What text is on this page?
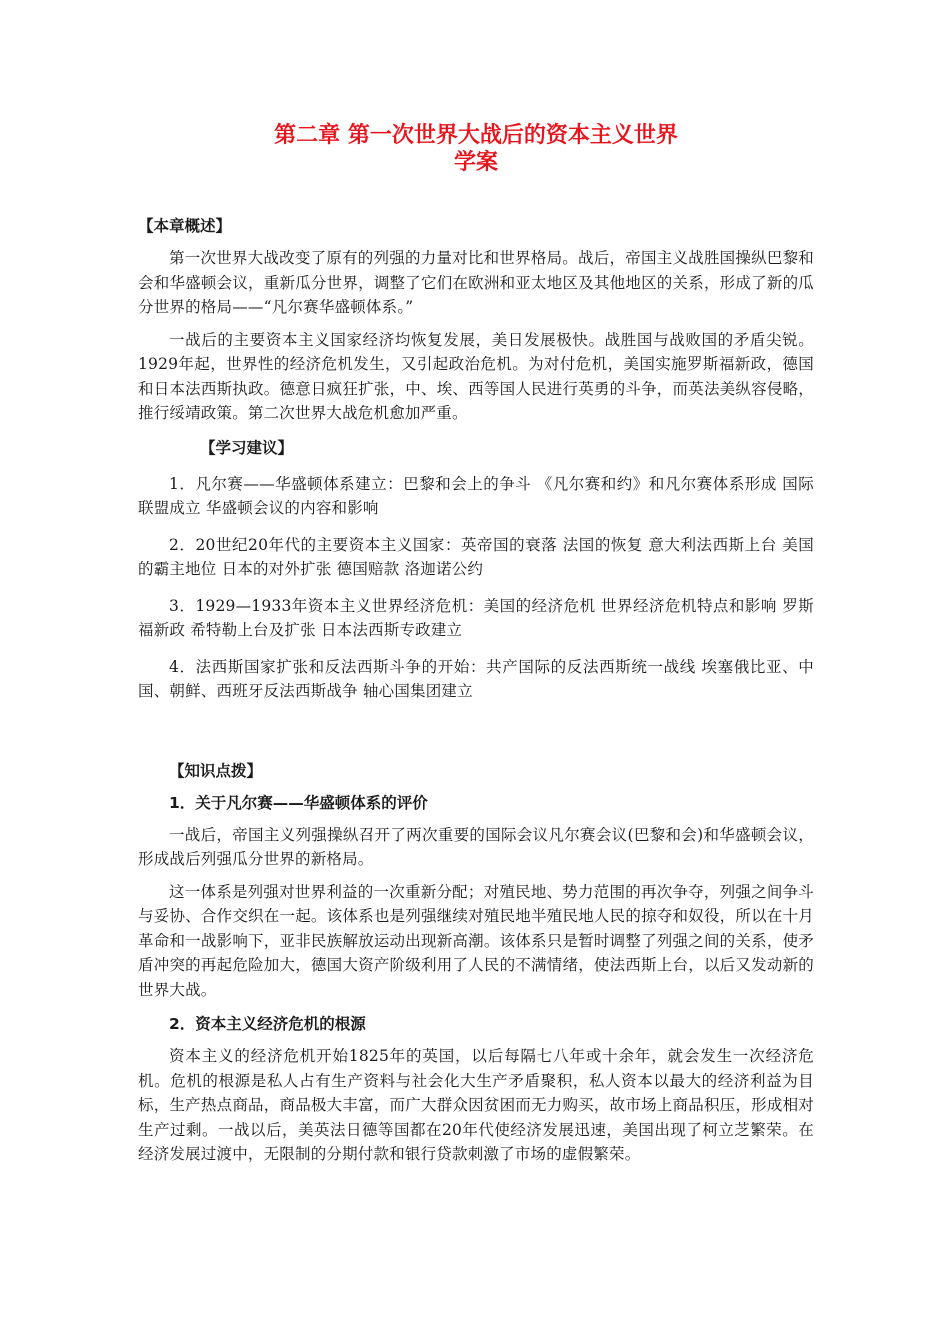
第二章 第一次世界大战后的资本主义世界
学案

【本章概述】

第一次世界大战改变了原有的列强的力量对比和世界格局。战后，帝国主义战胜国操纵巴黎和会和华盛顿会议，重新瓜分世界，调整了它们在欧洲和亚太地区及其他地区的关系，形成了新的瓜分世界的格局——“凡尔赛华盛顿体系。”

一战后的主要资本主义国家经济均恢复发展，美日发展极快。战胜国与战败国的矛盾尖锐。1929年起，世界性的经济危机发生，又引起政治危机。为对付危机，美国实施罗斯福新政，德国和日本法西斯执政。德意日疯狂扩张，中、埃、西等国人民进行英勇的斗争，而英法美纵容侵略，推行绥靖政策。第二次世界大战危机愈加严重。

【学习建议】

1．凡尔赛——华盛顿体系建立：巴黎和会上的争斗 《凡尔赛和约》和凡尔赛体系形成 国际联盟成立 华盛顿会议的内容和影响

2．20世纪20年代的主要资本主义国家：英帝国的衰落 法国的恢复 意大利法西斯上台 美国的霸主地位 日本的对外扩张 德国赔款 洛迦诺公约

3．1929—1933年资本主义世界经济危机：美国的经济危机 世界经济危机特点和影响 罗斯福新政 希特勒上台及扩张 日本法西斯专政建立

4．法西斯国家扩张和反法西斯斗争的开始：共产国际的反法西斯统一战线 埃塞俄比亚、中国、朝鲜、西班牙反法西斯战争 轴心国集团建立

【知识点拨】

1．关于凡尔赛——华盛顿体系的评价

一战后，帝国主义列强操纵召开了两次重要的国际会议凡尔赛会议(巴黎和会)和华盛顿会议，形成战后列强瓜分世界的新格局。

这一体系是列强对世界利益的一次重新分配；对殖民地、势力范围的再次争夺，列强之间争斗与妥协、合作交织在一起。该体系也是列强继续对殖民地半殖民地人民的掠夺和奴役，所以在十月革命和一战影响下，亚非民族解放运动出现新高潮。该体系只是暂时调整了列强之间的关系，使矛盾冲突的再起危险加大，德国大资产阶级利用了人民的不满情绪，使法西斯上台，以后又发动新的世界大战。

2．资本主义经济危机的根源

资本主义的经济危机开始1825年的英国，以后每隔七八年或十余年，就会发生一次经济危机。危机的根源是私人占有生产资料与社会化大生产矛盾聚积，私人资本以最大的经济利益为目标，生产热点商品，商品极大丰富，而广大群众因贫困而无力购买，故市场上商品积压，形成相对生产过剩。一战以后，美英法日德等国都在20年代使经济发展迅速，美国出现了柯立芝繁荣。在经济发展过渡中，无限制的分期付款和银行贷款刺激了市场的虚假繁荣。
